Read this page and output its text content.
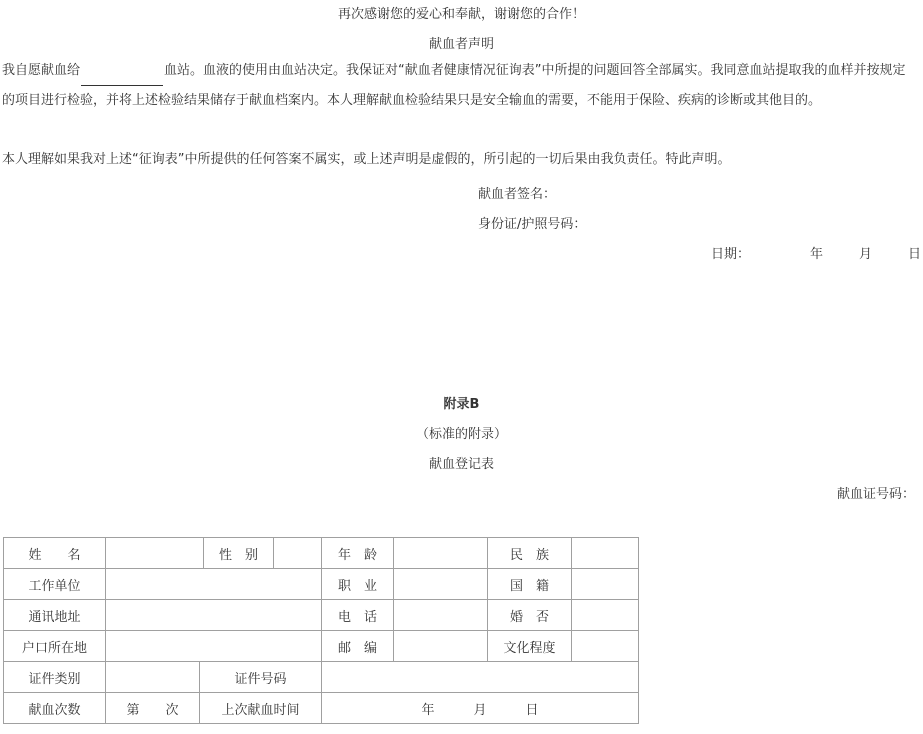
再次感谢您的爱心和奉献，谢谢您的合作！
献血者声明
我自愿献血给	血站。血液的使用由血站决定。我保证对“献血者健康情况征询表”中所提的问题回答全部属实。我同意血站提取我的血样并按规定的项目进行检验，并将上述检验结果储存于献血档案内。本人理解献血检验结果只是安全输血的需要，不能用于保险、疾病的诊断或其他目的。
本人理解如果我对上述“征询表”中所提供的任何答案不属实，或上述声明是虚假的，所引起的一切后果由我负责任。特此声明。
献血者签名：
身份证/护照号码：
日期：	年	月	日
附录B
（标准的附录）
献血登记表
献血证号码：
姓　　名			性　别		年　龄		民　族	
工作单位					职　业		国　籍	
通讯地址					电　话		婚　否	
户口所在地					邮　编		文化程度	
证件类别		证件号码						
献血次数	第　　 次	上次献血时间			年　　　 月　　　 日			
